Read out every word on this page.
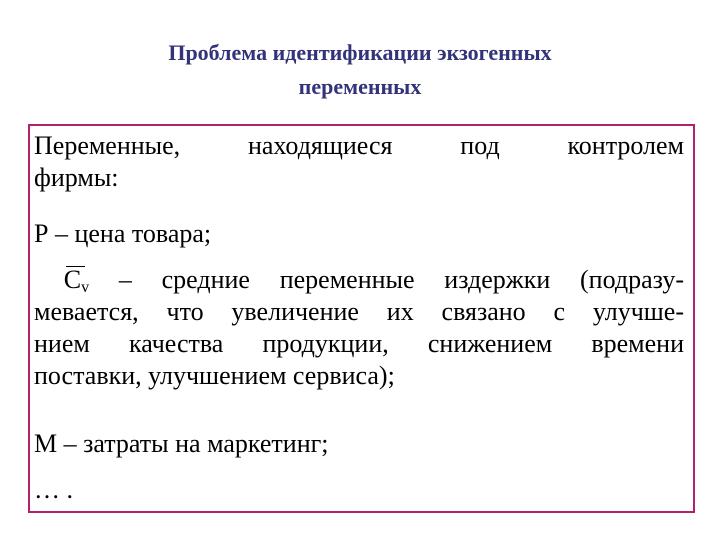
Проблема идентификации экзогенных
переменных
Переменные, находящиеся под контролем
фирмы:
Р – цена товара;
$C_v$ – средние переменные издержки (подразу-
мевается, что увеличение их связано с улучше-
нием качества продукции, снижением времени
поставки, улучшением сервиса);
М – затраты на маркетинг;
… .
